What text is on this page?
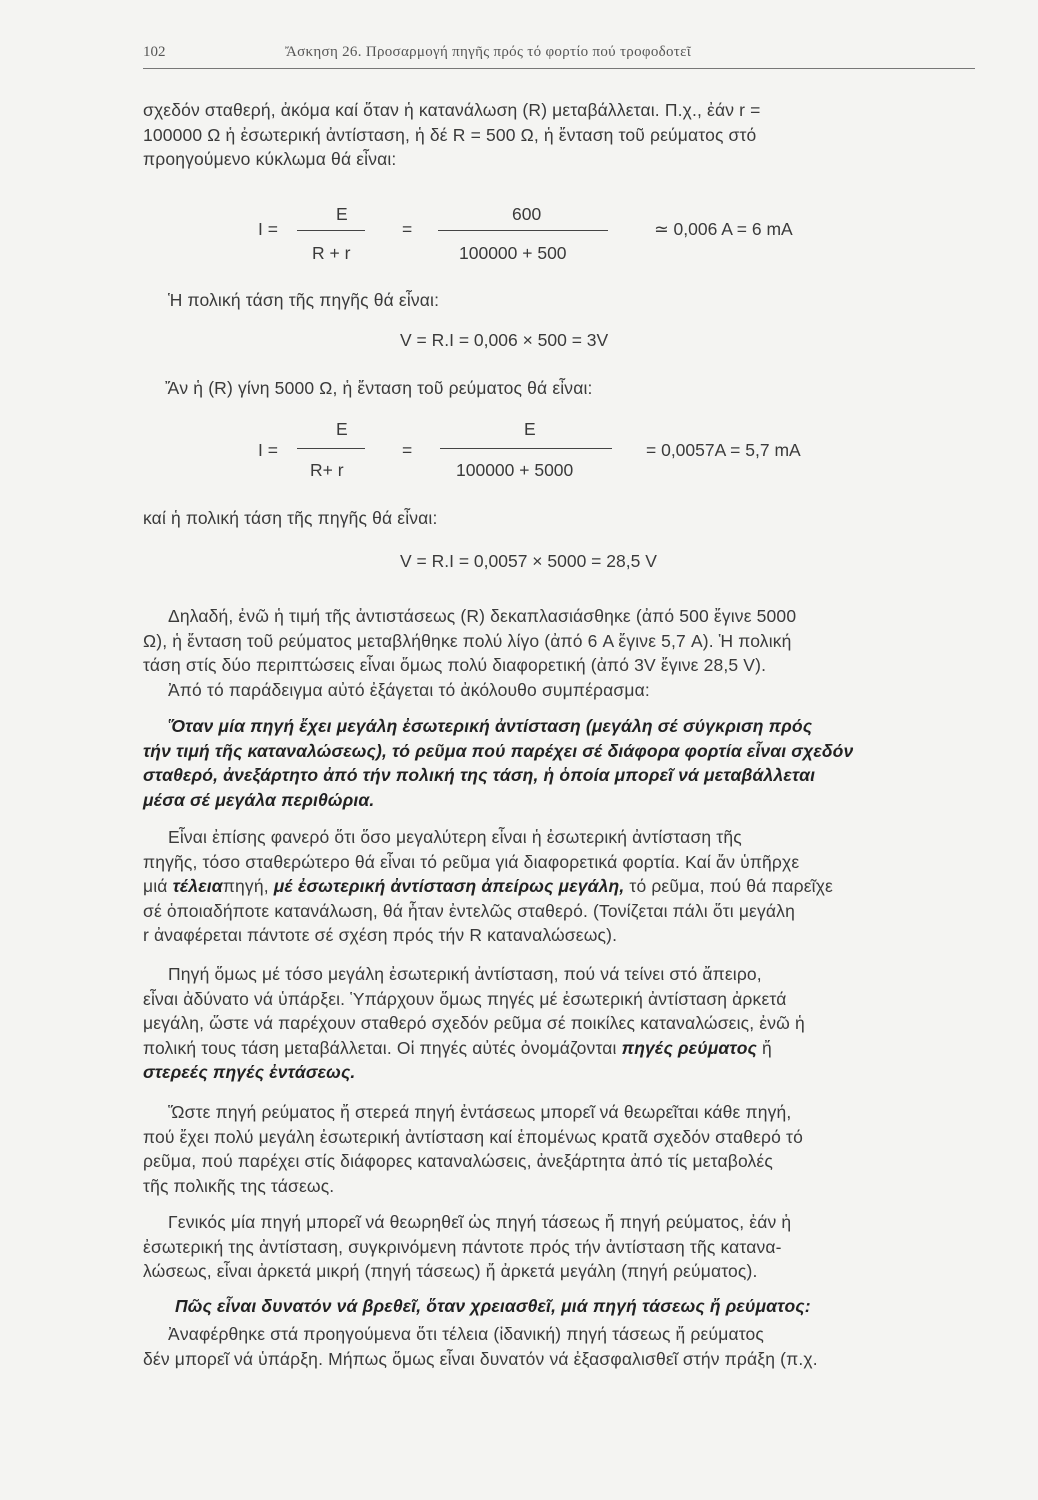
102	Ἄσκηση 26. Προσαρμογή πηγῆς πρός τό φορτίο πού τροφοδοτεῖ
σχεδόν σταθερή, ἀκόμα καί ὅταν ἡ κατανάλωση (R) μεταβάλλεται. Π.χ., ἐάν r =
100000 Ω ἡ ἐσωτερική ἀντίσταση, ἡ δέ R = 500 Ω, ἡ ἔνταση τοῦ ρεύματος στό
προηγούμενο κύκλωμα θά εἶναι:
I =
E
R + r
=
600
100000 + 500
≃ 0,006 A = 6 mA
Ἡ πολική τάση τῆς πηγῆς θά εἶναι:
V = R.I = 0,006 × 500 = 3V
Ἄν ἡ (R) γίνη 5000 Ω, ἡ ἔνταση τοῦ ρεύματος θά εἶναι:
I =
E
R+ r
=
E
100000 + 5000
= 0,0057A = 5,7 mA
καί ἡ πολική τάση τῆς πηγῆς θά εἶναι:
V = R.I = 0,0057 × 5000 = 28,5 V
Δηλαδή, ἐνῶ ἡ τιμή τῆς ἀντιστάσεως (R) δεκαπλασιάσθηκε (ἀπό 500 ἔγινε 5000
Ω), ἡ ἔνταση τοῦ ρεύματος μεταβλήθηκε πολύ λίγο (ἀπό 6 A ἔγινε 5,7 A). Ἡ πολική
τάση στίς δύο περιπτώσεις εἶναι ὅμως πολύ διαφορετική (ἀπό 3V ἔγινε 28,5 V).
Ἀπό τό παράδειγμα αὐτό ἐξάγεται τό ἀκόλουθο συμπέρασμα:
Ὅταν μία πηγή ἔχει μεγάλη ἐσωτερική ἀντίσταση (μεγάλη σέ σύγκριση πρός
τήν τιμή τῆς καταναλώσεως), τό ρεῦμα πού παρέχει σέ διάφορα φορτία εἶναι σχεδόν
σταθερό, ἀνεξάρτητο ἀπό τήν πολική της τάση, ἡ ὁποία μπορεῖ νά μεταβάλλεται
μέσα σέ μεγάλα περιθώρια.
Εἶναι ἐπίσης φανερό ὅτι ὅσο μεγαλύτερη εἶναι ἡ ἐσωτερική ἀντίσταση τῆς
πηγῆς, τόσο σταθερώτερο θά εἶναι τό ρεῦμα γιά διαφορετικά φορτία. Καί ἄν ὑπῆρχε
μιά τέλειαπηγή, μέ ἐσωτερική ἀντίσταση ἀπείρως μεγάλη, τό ρεῦμα, πού θά παρεῖχε
σέ ὁποιαδήποτε κατανάλωση, θά ἦταν ἐντελῶς σταθερό. (Τονίζεται πάλι ὅτι μεγάλη
r ἀναφέρεται πάντοτε σέ σχέση πρός τήν R καταναλώσεως).
Πηγή ὅμως μέ τόσο μεγάλη ἐσωτερική ἀντίσταση, πού νά τείνει στό ἄπειρο,
εἶναι ἀδύνατο νά ὑπάρξει. Ὑπάρχουν ὅμως πηγές μέ ἐσωτερική ἀντίσταση ἀρκετά
μεγάλη, ὥστε νά παρέχουν σταθερό σχεδόν ρεῦμα σέ ποικίλες καταναλώσεις, ἐνῶ ἡ
πολική τους τάση μεταβάλλεται. Οἱ πηγές αὐτές ὀνομάζονται πηγές ρεύματος ἤ
στερεές πηγές ἐντάσεως.
Ὥστε πηγή ρεύματος ἤ στερεά πηγή ἐντάσεως μπορεῖ νά θεωρεῖται κάθε πηγή,
πού ἔχει πολύ μεγάλη ἐσωτερική ἀντίσταση καί ἑπομένως κρατᾶ σχεδόν σταθερό τό
ρεῦμα, πού παρέχει στίς διάφορες καταναλώσεις, ἀνεξάρτητα ἀπό τίς μεταβολές
τῆς πολικῆς της τάσεως.
Γενικός μία πηγή μπορεῖ νά θεωρηθεῖ ὡς πηγή τάσεως ἤ πηγή ρεύματος, ἐάν ἡ
ἐσωτερική της ἀντίσταση, συγκρινόμενη πάντοτε πρός τήν ἀντίσταση τῆς κατανα-
λώσεως, εἶναι ἀρκετά μικρή (πηγή τάσεως) ἤ ἀρκετά μεγάλη (πηγή ρεύματος).
Πῶς εἶναι δυνατόν νά βρεθεῖ, ὅταν χρειασθεῖ, μιά πηγή τάσεως ἤ ρεύματος:
Ἀναφέρθηκε στά προηγούμενα ὅτι τέλεια (ἰδανική) πηγή τάσεως ἤ ρεύματος
δέν μπορεῖ νά ὑπάρξη. Μήπως ὅμως εἶναι δυνατόν νά ἐξασφαλισθεῖ στήν πράξη (π.χ.
